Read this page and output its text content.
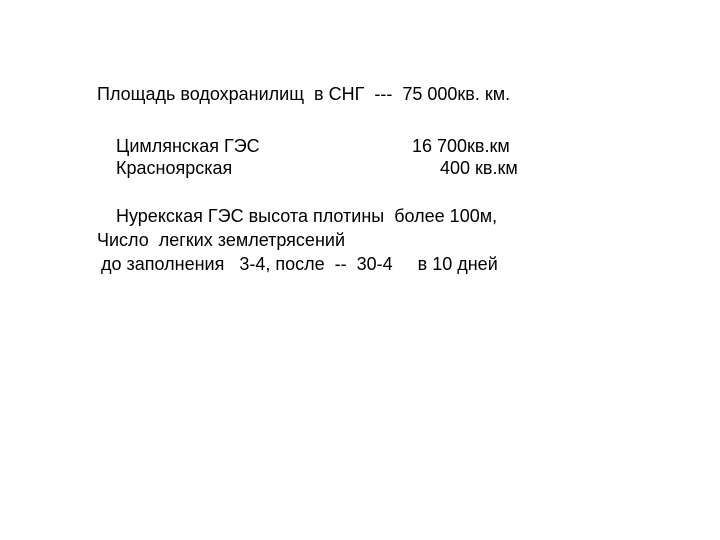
Площадь водохранилищ  в СНГ  ---  75 000кв. км.
Цимлянская ГЭС	16 700кв.км
Красноярская	400 кв.км
Нурекская ГЭС высота плотины  более 100м,
Число  легких землетрясений
до заполнения   3-4, после  --  30-4     в 10 дней
